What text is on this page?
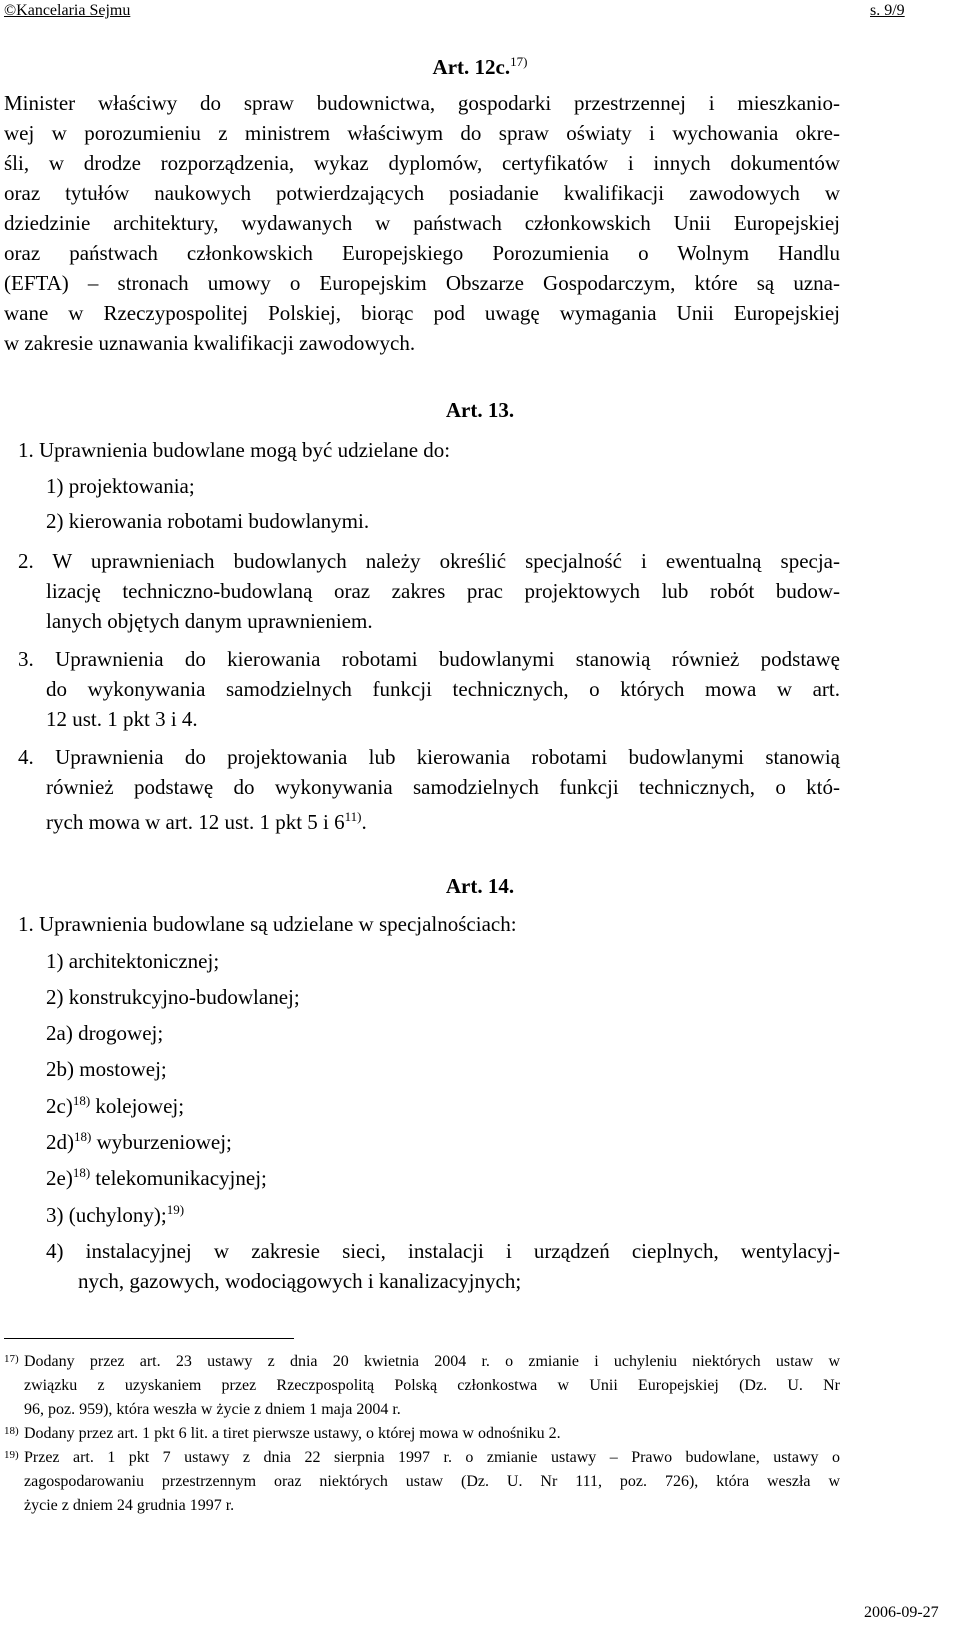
©Kancelaria Sejmu	s. 9/9
Art. 12c.$^{17)}$
Minister właściwy do spraw budownictwa, gospodarki przestrzennej i mieszkanio-
wej w porozumieniu z ministrem właściwym do spraw oświaty i wychowania okre-
śli, w drodze rozporządzenia, wykaz dyplomów, certyfikatów i innych dokumentów
oraz tytułów naukowych potwierdzających posiadanie kwalifikacji zawodowych w
dziedzinie architektury, wydawanych w państwach członkowskich Unii Europejskiej
oraz państwach członkowskich Europejskiego Porozumienia o Wolnym Handlu
(EFTA) – stronach umowy o Europejskim Obszarze Gospodarczym, które są uzna-
wane w Rzeczypospolitej Polskiej, biorąc pod uwagę wymagania Unii Europejskiej
w zakresie uznawania kwalifikacji zawodowych.
Art. 13.
1. Uprawnienia budowlane mogą być udzielane do:
1) projektowania;
2) kierowania robotami budowlanymi.
2. W uprawnieniach budowlanych należy określić specjalność i ewentualną specja-
lizację techniczno-budowlaną oraz zakres prac projektowych lub robót budow-
lanych objętych danym uprawnieniem.
3. Uprawnienia do kierowania robotami budowlanymi stanowią również podstawę
do wykonywania samodzielnych funkcji technicznych, o których mowa w art.
12 ust. 1 pkt 3 i 4.
4. Uprawnienia do projektowania lub kierowania robotami budowlanymi stanowią
również podstawę do wykonywania samodzielnych funkcji technicznych, o któ-
rych mowa w art. 12 ust. 1 pkt 5 i 6$^{11)}$.
Art. 14.
1. Uprawnienia budowlane są udzielane w specjalnościach:
1) architektonicznej;
2) konstrukcyjno-budowlanej;
2a) drogowej;
2b) mostowej;
2c)$^{18)}$ kolejowej;
2d)$^{18)}$ wyburzeniowej;
2e)$^{18)}$ telekomunikacyjnej;
3) (uchylony);$^{19)}$
4) instalacyjnej w zakresie sieci, instalacji i urządzeń cieplnych, wentylacyj-
nych, gazowych, wodociągowych i kanalizacyjnych;
17) Dodany przez art. 23 ustawy z dnia 20 kwietnia 2004 r. o zmianie i uchyleniu niektórych ustaw w
związku z uzyskaniem przez Rzeczpospolitą Polską członkostwa w Unii Europejskiej (Dz. U. Nr
96, poz. 959), która weszła w życie z dniem 1 maja 2004 r.
18) Dodany przez art. 1 pkt 6 lit. a tiret pierwsze ustawy, o której mowa w odnośniku 2.
19) Przez art. 1 pkt 7 ustawy z dnia 22 sierpnia 1997 r. o zmianie ustawy – Prawo budowlane, ustawy o
zagospodarowaniu przestrzennym oraz niektórych ustaw (Dz. U. Nr 111, poz. 726), która weszła w
życie z dniem 24 grudnia 1997 r.
2006-09-27
